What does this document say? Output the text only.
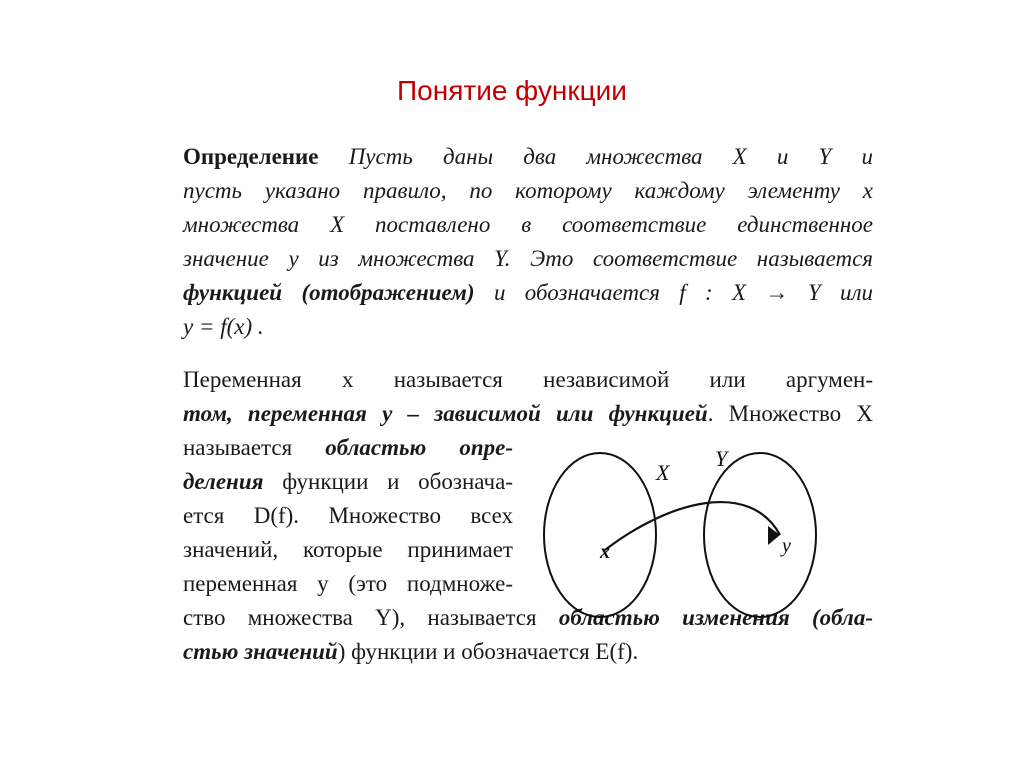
Понятие функции
Определение Пусть даны два множества X и Y и
пусть указано правило, по которому каждому элементу x
множества X поставлено в соответствие единственное
значение y из множества Y. Это соответствие называется
функцией (отображением) и обозначается f : X → Y или
y = f(x) .
Переменная x называется независимой или аргумен-
том, переменная y – зависимой или функцией. Множество X
называется областью опре-
деления функции и обознача-
ется D(f). Множество всех
значений, которые принимает
переменная y (это подмноже-
ство множества Y), называется областью изменения (обла-
стью значений) функции и обозначается E(f).
X
Y
x	y
